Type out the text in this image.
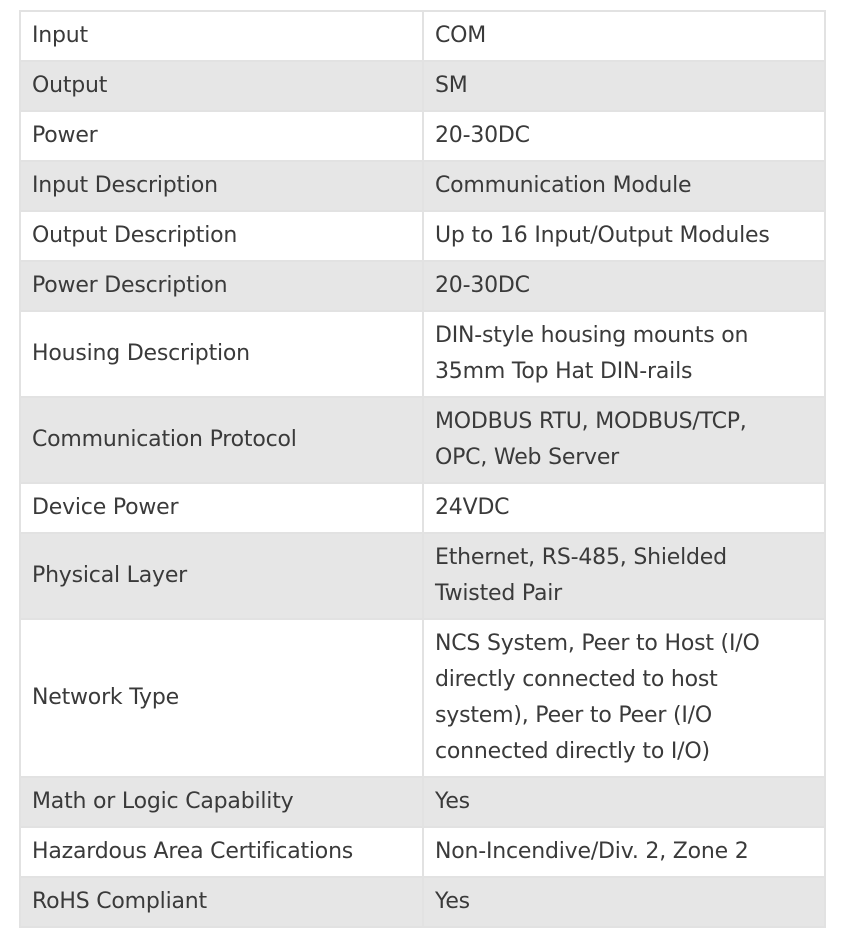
Input	COM

Output	SM

Power	20-30DC

Input Description	Communication Module

Output Description	Up to 16 Input/Output Modules

Power Description	20-30DC

Housing Description	DIN-style housing mounts on
35mm Top Hat DIN-rails

Communication Protocol	MODBUS RTU, MODBUS/TCP,
OPC, Web Server

Device Power	24VDC

Physical Layer	Ethernet, RS-485, Shielded
Twisted Pair

Network Type	NCS System, Peer to Host (I/O
directly connected to host
system), Peer to Peer (I/O
connected directly to I/O)

Math or Logic Capability	Yes

Hazardous Area Certifications	Non-Incendive/Div. 2, Zone 2

RoHS Compliant	Yes
